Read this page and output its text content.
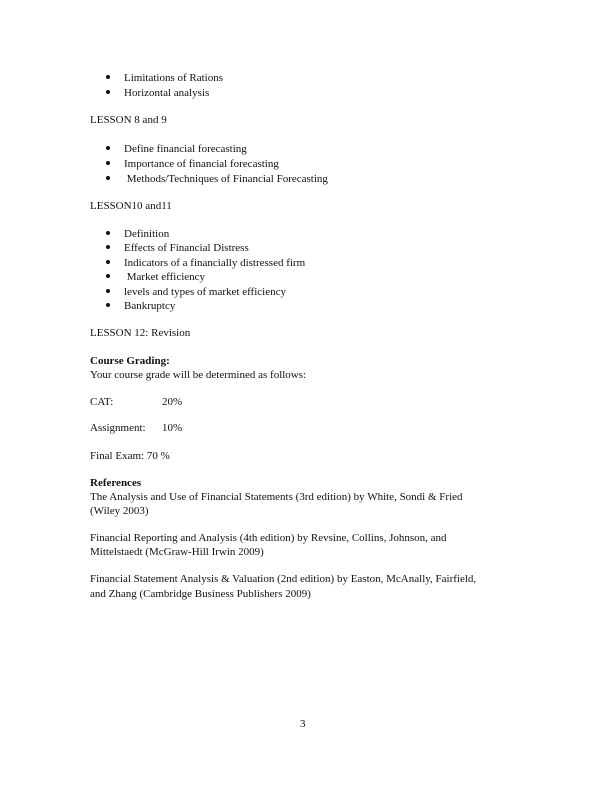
Limitations of Rations
Horizontal analysis
LESSON 8 and 9
Define financial forecasting
Importance of financial forecasting
Methods/Techniques of Financial Forecasting
LESSON10 and11
Definition
Effects of Financial Distress
Indicators of a financially distressed firm
Market efficiency
levels and types of market efficiency
Bankruptcy
LESSON 12: Revision
Course Grading:
Your course grade will be determined as follows:
CAT:	20%
Assignment: 10%
Final Exam: 70 %
References
The Analysis and Use of Financial Statements (3rd edition) by White, Sondi & Fried
(Wiley 2003)
Financial Reporting and Analysis (4th edition) by Revsine, Collins, Johnson, and
Mittelstaedt (McGraw-Hill Irwin 2009)
Financial Statement Analysis & Valuation (2nd edition) by Easton, McAnally, Fairfield,
and Zhang (Cambridge Business Publishers 2009)
3
